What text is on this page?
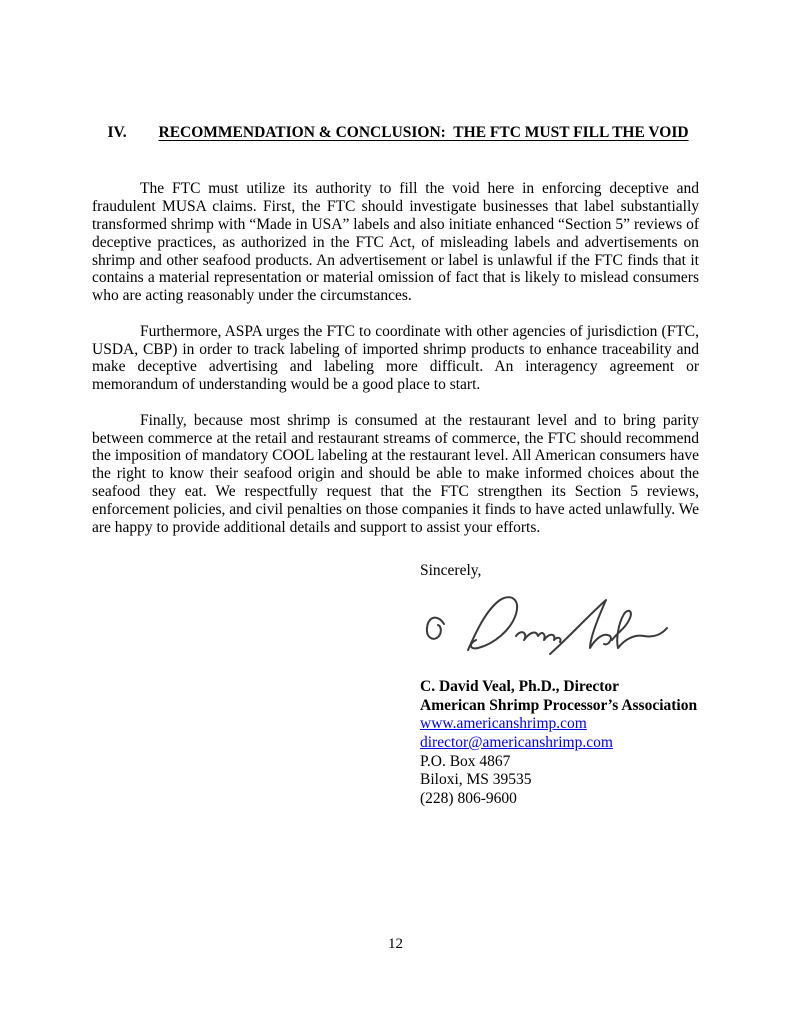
IV. RECOMMENDATION & CONCLUSION:  THE FTC MUST FILL THE VOID

The FTC must utilize its authority to fill the void here in enforcing deceptive and fraudulent MUSA claims. First, the FTC should investigate businesses that label substantially transformed shrimp with “Made in USA” labels and also initiate enhanced “Section 5” reviews of deceptive practices, as authorized in the FTC Act, of misleading labels and advertisements on shrimp and other seafood products. An advertisement or label is unlawful if the FTC finds that it contains a material representation or material omission of fact that is likely to mislead consumers who are acting reasonably under the circumstances.

Furthermore, ASPA urges the FTC to coordinate with other agencies of jurisdiction (FTC, USDA, CBP) in order to track labeling of imported shrimp products to enhance traceability and make deceptive advertising and labeling more difficult. An interagency agreement or memorandum of understanding would be a good place to start.

Finally, because most shrimp is consumed at the restaurant level and to bring parity between commerce at the retail and restaurant streams of commerce, the FTC should recommend the imposition of mandatory COOL labeling at the restaurant level. All American consumers have the right to know their seafood origin and should be able to make informed choices about the seafood they eat. We respectfully request that the FTC strengthen its Section 5 reviews, enforcement policies, and civil penalties on those companies it finds to have acted unlawfully. We are happy to provide additional details and support to assist your efforts.

Sincerely,
C. David Veal, Ph.D., Director
American Shrimp Processor’s Association
www.americanshrimp.com
director@americanshrimp.com
P.O. Box 4867
Biloxi, MS 39535
(228) 806-9600
12
